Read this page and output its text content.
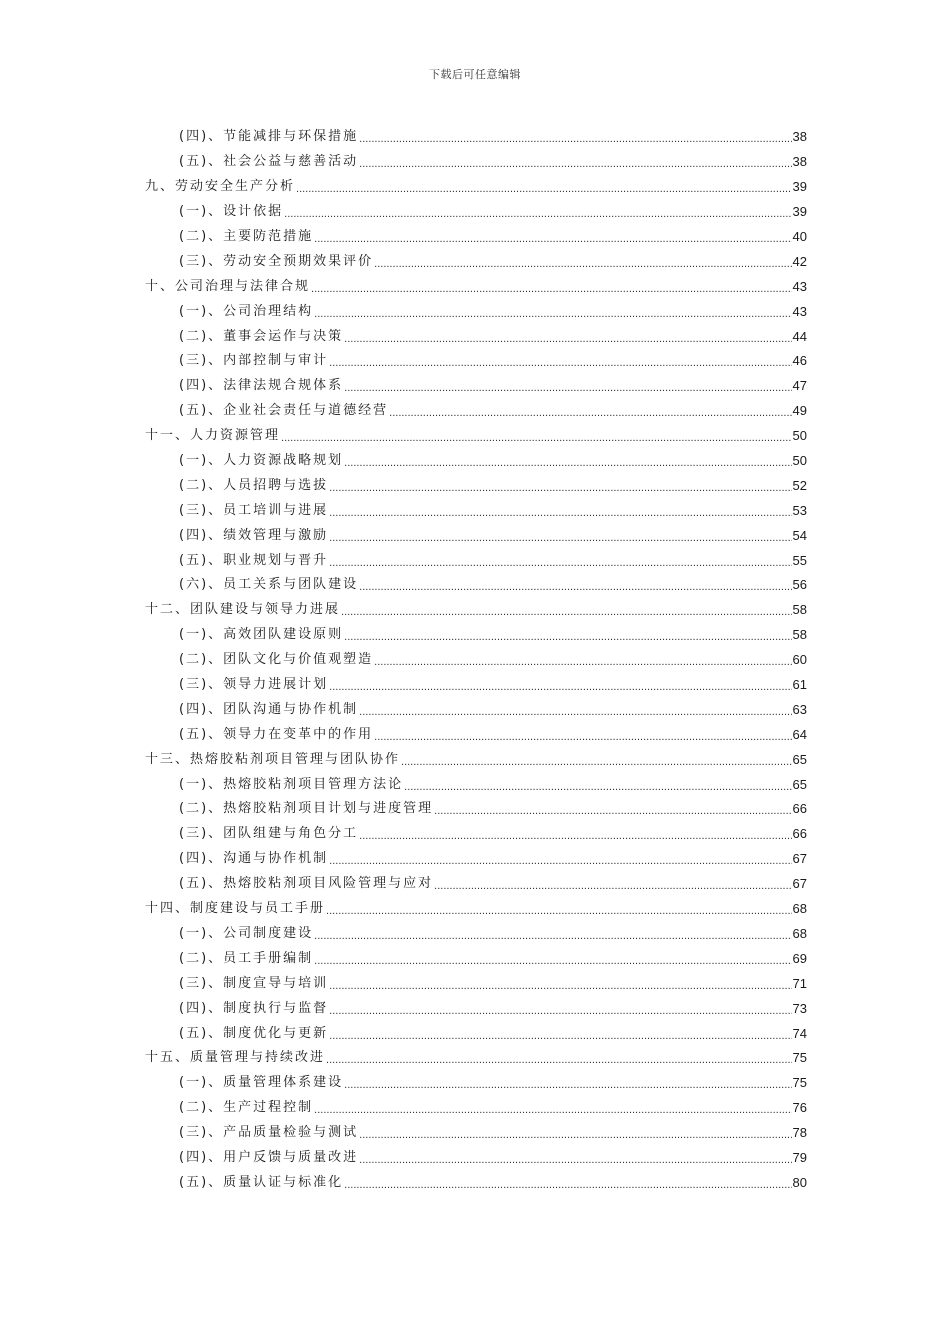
下载后可任意编辑
(四)、节能减排与环保措施 .....	38
(五)、社会公益与慈善活动 .....	38
九、劳动安全生产分析 .....	39
(一)、设计依据 .....	39
(二)、主要防范措施 .....	40
(三)、劳动安全预期效果评价 .....	42
十、公司治理与法律合规 .....	43
(一)、公司治理结构 .....	43
(二)、董事会运作与决策 .....	44
(三)、内部控制与审计 .....	46
(四)、法律法规合规体系 .....	47
(五)、企业社会责任与道德经营 .....	49
十一、人力资源管理 .....	50
(一)、人力资源战略规划 .....	50
(二)、人员招聘与选拔 .....	52
(三)、员工培训与进展 .....	53
(四)、绩效管理与激励 .....	54
(五)、职业规划与晋升 .....	55
(六)、员工关系与团队建设 .....	56
十二、团队建设与领导力进展 .....	58
(一)、高效团队建设原则 .....	58
(二)、团队文化与价值观塑造 .....	60
(三)、领导力进展计划 .....	61
(四)、团队沟通与协作机制 .....	63
(五)、领导力在变革中的作用 .....	64
十三、热熔胶粘剂项目管理与团队协作 .....	65
(一)、热熔胶粘剂项目管理方法论 .....	65
(二)、热熔胶粘剂项目计划与进度管理 .....	66
(三)、团队组建与角色分工 .....	66
(四)、沟通与协作机制 .....	67
(五)、热熔胶粘剂项目风险管理与应对 .....	67
十四、制度建设与员工手册 .....	68
(一)、公司制度建设 .....	68
(二)、员工手册编制 .....	69
(三)、制度宣导与培训 .....	71
(四)、制度执行与监督 .....	73
(五)、制度优化与更新 .....	74
十五、质量管理与持续改进 .....	75
(一)、质量管理体系建设 .....	75
(二)、生产过程控制 .....	76
(三)、产品质量检验与测试 .....	78
(四)、用户反馈与质量改进 .....	79
(五)、质量认证与标准化 .....	80
